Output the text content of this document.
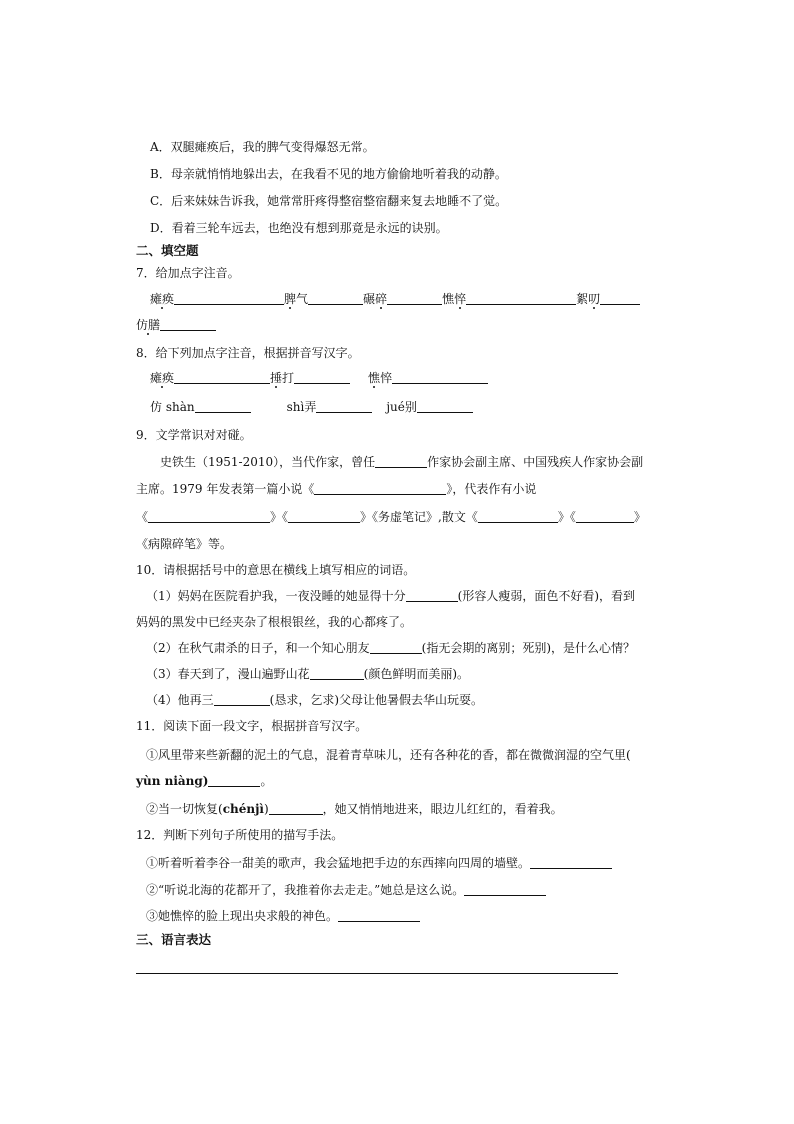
A．双腿瘫痪后，我的脾气变得爆怒无常。
B．母亲就悄悄地躲出去，在我看不见的地方偷偷地听着我的动静。
C．后来妹妹告诉我，她常常肝疼得整宿整宿翻来复去地睡不了觉。
D．看着三轮车远去，也绝没有想到那竟是永远的诀别。
二、填空题
7．给加点字注音。
瘫痪	脾气	碾碎	憔悴	絮叨
仿膳
8．给下列加点字注音，根据拼音写汉字。
瘫痪	捶打	憔悴
仿 shàn	shì弄	jué别
9．文学常识对对碰。
史铁生（1951-2010），当代作家，曾任	作家协会副主席、中国残疾人作家协会副
主席。1979 年发表第一篇小说《	》，代表作有小说
《	》《	》《务虚笔记》,散文《	》《	》
《病隙碎笔》等。
10．请根据括号中的意思在横线上填写相应的词语。
（1）妈妈在医院看护我，一夜没睡的她显得十分	(形容人瘦弱，面色不好看)，看到
妈妈的黑发中已经夹杂了根根银丝，我的心都疼了。
（2）在秋气肃杀的日子，和一个知心朋友	(指无会期的离别；死别)，是什么心情？
（3）春天到了，漫山遍野山花	(颜色鲜明而美丽)。
（4）他再三	(恳求，乞求)父母让他暑假去华山玩耍。
11．阅读下面一段文字，根据拼音写汉字。
①风里带来些新翻的泥土的气息，混着青草味儿，还有各种花的香，都在微微润湿的空气里(
yùn niàng)	。
②当一切恢复(chénjì)	，她又悄悄地进来，眼边儿红红的，看着我。
12．判断下列句子所使用的描写手法。
①听着听着李谷一甜美的歌声，我会猛地把手边的东西摔向四周的墙壁。
②“听说北海的花都开了，我推着你去走走。”她总是这么说。
③她憔悴的脸上现出央求般的神色。
三、语言表达
